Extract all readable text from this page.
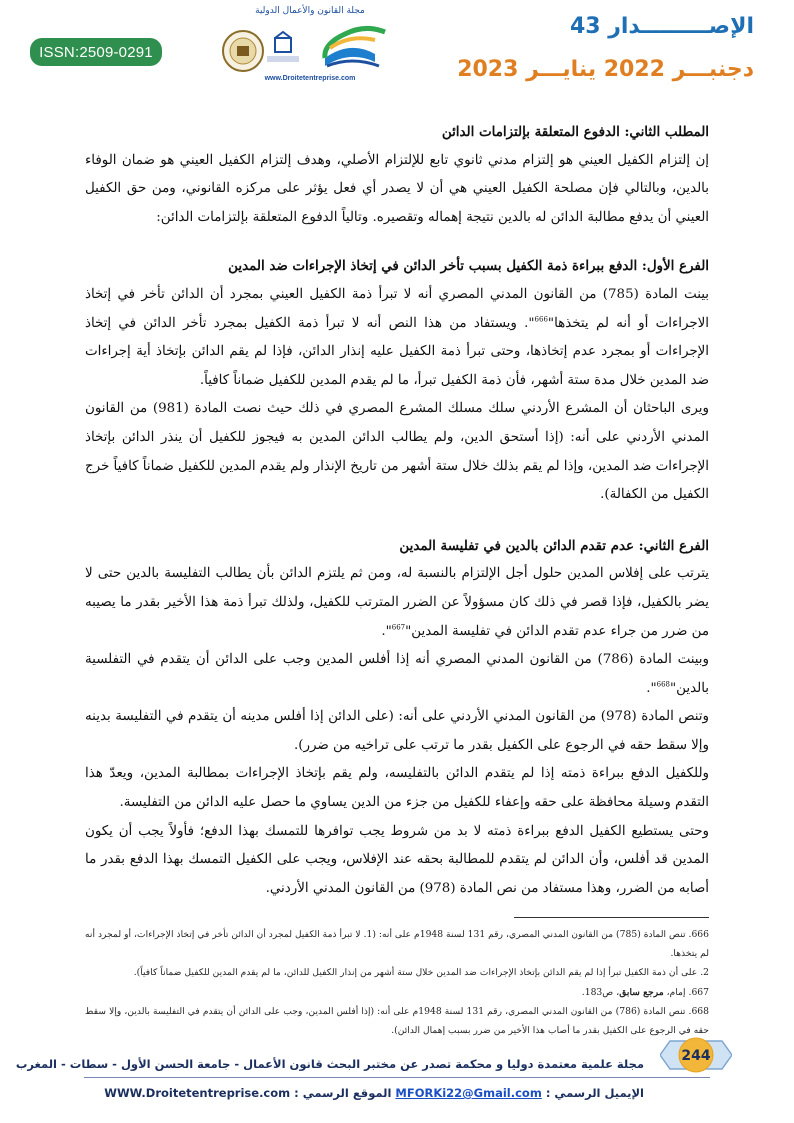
ISSN:2509-0291
مجلة القانون والأعمال الدولية
www.Droitetentreprise.com
الإصـــــــــدار 43
دجنبـــر 2022 ينايـــر 2023
المطلب الثاني: الدفوع المتعلقة بإلتزامات الدائن

إن إلتزام الكفيل العيني هو إلتزام مدني ثانوي تابع للإلتزام الأصلي، وهدف إلتزام الكفيل العيني هو ضمان الوفاء بالدين، وبالتالي فإن مصلحة الكفيل العيني هي أن لا يصدر أي فعل يؤثر على مركزه القانوني، ومن حق الكفيل العيني أن يدفع مطالبة الدائن له بالدين نتيجة إهماله وتقصيره. وتالياً الدفوع المتعلقة بإلتزامات الدائن:

الفرع الأول: الدفع ببراءة ذمة الكفيل بسبب تأخر الدائن في إتخاذ الإجراءات ضد المدين

بينت المادة (785) من القانون المدني المصري أنه لا تبرأ ذمة الكفيل العيني بمجرد أن الدائن تأخر في إتخاذ الاجراءات أو أنه لم يتخذها"$^{666}$". ويستفاد من هذا النص أنه لا تبرأ ذمة الكفيل بمجرد تأخر الدائن في إتخاذ الإجراءات أو بمجرد عدم إتخاذها، وحتى تبرأ ذمة الكفيل عليه إنذار الدائن، فإذا لم يقم الدائن بإتخاذ أية إجراءات ضد المدين خلال مدة ستة أشهر، فأن ذمة الكفيل تبرأ، ما لم يقدم المدين للكفيل ضماناً كافياً.

ويرى الباحثان أن المشرع الأردني سلك مسلك المشرع المصري في ذلك حيث نصت المادة (981) من القانون المدني الأردني على أنه: (إذا أستحق الدين، ولم يطالب الدائن المدين به فيجوز للكفيل أن ينذر الدائن بإتخاذ الإجراءات ضد المدين، وإذا لم يقم بذلك خلال ستة أشهر من تاريخ الإنذار ولم يقدم المدين للكفيل ضماناً كافياً خرج الكفيل من الكفالة).

الفرع الثاني: عدم تقدم الدائن بالدين في تفليسة المدين

يترتب على إفلاس المدين حلول أجل الإلتزام بالنسبة له، ومن ثم يلتزم الدائن بأن يطالب التفليسة بالدين حتى لا يضر بالكفيل، فإذا قصر في ذلك كان مسؤولاً عن الضرر المترتب للكفيل، ولذلك تبرأ ذمة هذا الأخير بقدر ما يصيبه من ضرر من جراء عدم تقدم الدائن في تفليسة المدين"$^{667}$".

وبينت المادة (786) من القانون المدني المصري أنه إذا أفلس المدين وجب على الدائن أن يتقدم في التفلسية بالدين"$^{668}$".

وتنص المادة (978) من القانون المدني الأردني على أنه: (على الدائن إذا أفلس مدينه أن يتقدم في التفليسة بدينه وإلا سقط حقه في الرجوع على الكفيل بقدر ما ترتب على تراخيه من ضرر).

وللكفيل الدفع ببراءة ذمته إذا لم يتقدم الدائن بالتفليسه، ولم يقم بإتخاذ الإجراءات بمطالبة المدين، ويعدّ هذا التقدم وسيلة محافظة على حقه وإعفاء للكفيل من جزء من الدين يساوي ما حصل عليه الدائن من التفليسة.

وحتى يستطيع الكفيل الدفع ببراءة ذمته لا بد من شروط يجب توافرها للتمسك بهذا الدفع؛ فأولاً يجب أن يكون المدين قد أفلس، وأن الدائن لم يتقدم للمطالبة بحقه عند الإفلاس، ويجب على الكفيل التمسك بهذا الدفع بقدر ما أصابه من الضرر، وهذا مستفاد من نص المادة (978) من القانون المدني الأردني.

666. تنص المادة (785) من القانون المدني المصري، رقم 131 لسنة 1948م على أنه: (1. لا تبرأ ذمة الكفيل لمجرد أن الدائن تأخر في إتخاذ الإجراءات، أو لمجرد أنه لم يتخذها.

2. على أن ذمة الكفيل تبرأ إذا لم يقم الدائن بإتخاذ الإجراءات ضد المدين خلال ستة أشهر من إنذار الكفيل للدائن، ما لم يقدم المدين للكفيل ضماناً كافياً).

667. إمام، مرجع سابق، ص183.

668. تنص المادة (786) من القانون المدني المصري، رقم 131 لسنة 1948م على أنه: (إذا أفلس المدين، وجب على الدائن أن يتقدم في التفليسة بالدين، وإلا سقط حقه في الرجوع على الكفيل بقدر ما أصاب هذا الأخير من ضرر بسبب إهمال الدائن).

244
مجلة علمية معتمدة دوليا و محكمة تصدر عن مختبر البحث قانون الأعمال - جامعة الحسن الأول - سطات - المغرب
الإيميل الرسمي : MFORKi22@Gmail.com الموقع الرسمي : WWW.Droitetentreprise.com
